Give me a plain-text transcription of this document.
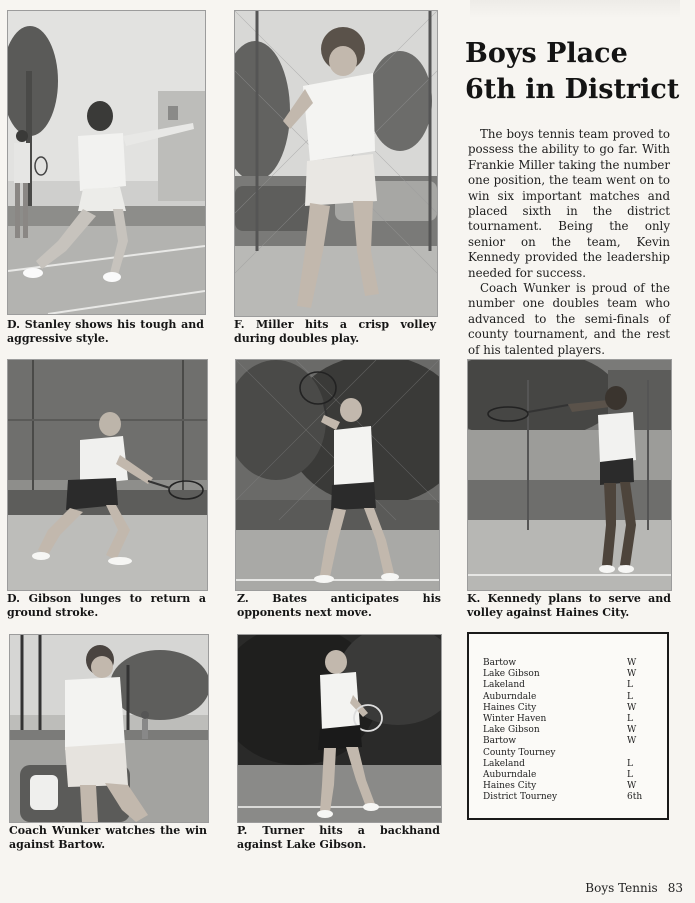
D. Stanley shows his tough and aggressive style.

F. Miller hits a crisp volley during doubles play.

Boys Place 6th in District

The boys tennis team proved to possess the ability to go far. With Frankie Miller taking the number one position, the team went on to win six important matches and placed sixth in the district tournament. Being the only senior on the team, Kevin Kennedy provided the leadership needed for success.

Coach Wunker is proud of the number one doubles team who advanced to the semi-finals of county tournament, and the rest of his talented players.

D. Gibson lunges to return a ground stroke.

Z. Bates anticipates his opponents next move.

K. Kennedy plans to serve and volley against Haines City.

Coach Wunker watches the win against Bartow.

P. Turner hits a backhand against Lake Gibson.

Bartow	W
Lake Gibson	W
Lakeland	L
Auburndale	L
Haines City	W
Winter Haven	L
Lake Gibson	W
Bartow	W
County Tourney
Lakeland	L
Auburndale	L
Haines City	W
District Tourney	6th
Boys Tennis 83
